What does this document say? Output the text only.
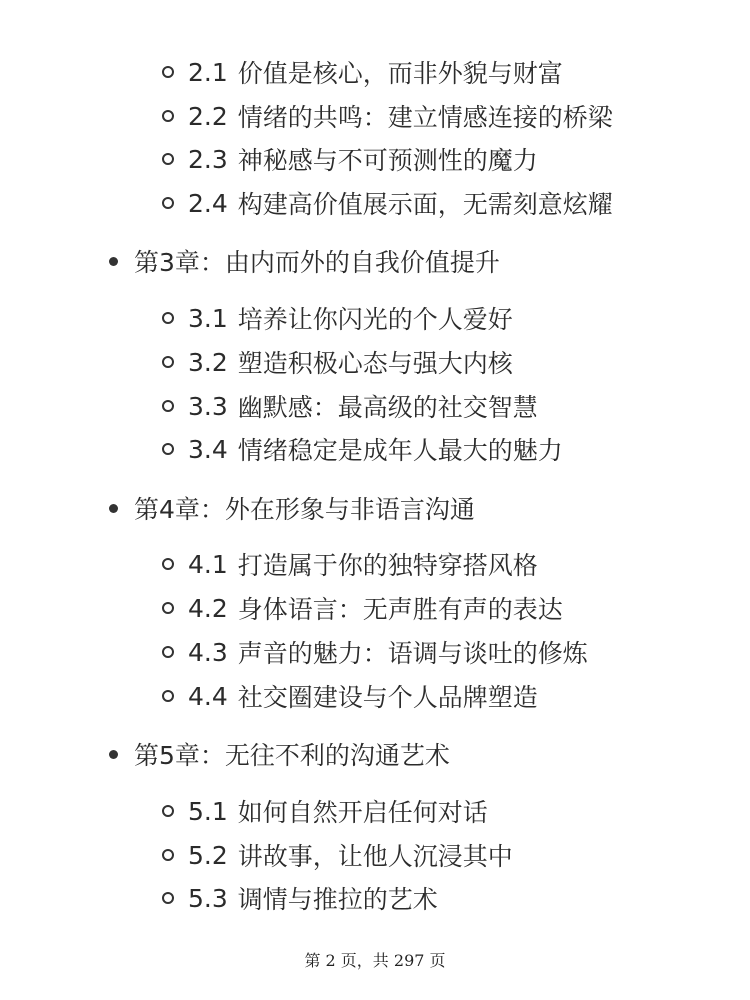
2.1 价值是核心，而非外貌与财富
2.2 情绪的共鸣：建立情感连接的桥梁
2.3 神秘感与不可预测性的魔力
2.4 构建高价值展示面，无需刻意炫耀
第3章：由内而外的自我价值提升
3.1 培养让你闪光的个人爱好
3.2 塑造积极心态与强大内核
3.3 幽默感：最高级的社交智慧
3.4 情绪稳定是成年人最大的魅力
第4章：外在形象与非语言沟通
4.1 打造属于你的独特穿搭风格
4.2 身体语言：无声胜有声的表达
4.3 声音的魅力：语调与谈吐的修炼
4.4 社交圈建设与个人品牌塑造
第5章：无往不利的沟通艺术
5.1 如何自然开启任何对话
5.2 讲故事，让他人沉浸其中
5.3 调情与推拉的艺术
第 2 页，共 297 页
